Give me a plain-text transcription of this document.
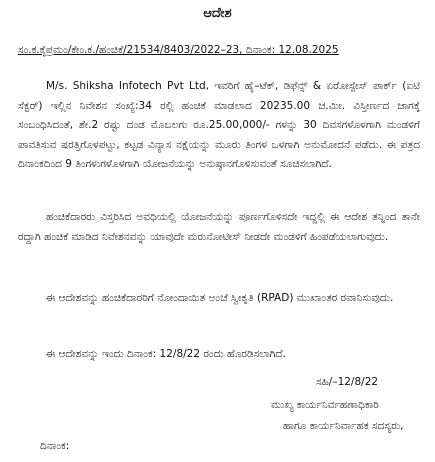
ಆದೇಶ
ಸಂ.ಕ.ಕೈಪ್ರಮಂ/ಕೇಂ.ಕ./ಹಂಚಿಕೆ/21534/8403/2022–23, ದಿನಾಂಕ: 12.08.2025
M/s. Shiksha Infotech Pvt Ltd, ಇವರಿಗೆ ಹೈ–ಟೆಕ್, ಡಿಫೆನ್ಸ್ & ಏರೋಸ್ಪೇಸ್ ಪಾರ್ಕ್ (ಐಟಿ ಸೆಕ್ಟರ್) ಇಲ್ಲಿನ ನಿವೇಶನ ಸಂಖ್ಯೆ:34 ರಲ್ಲಿ ಹಂಚಿಕೆ ಮಾಡಲಾದ 20235.00 ಚ.ಮೀ. ವಿಸ್ತೀರ್ಣದ ಜಾಗಕ್ಕೆ ಸಂಬಂಧಿಸಿದಂತೆ, ಶೇ.2 ರಷ್ಟು ದಂಡ ಮೊಬಲಗು ರೂ.25.00,000/- ಗಳನ್ನು 30 ದಿವಸಗಳೊಳಗಾಗಿ ಮಂಡಳಿಗೆ ಪಾವತಿಸುವ ಷರತ್ತಿಗೊಳಪಟ್ಟು, ಕಟ್ಟಡ ವಿನ್ಯಾಸ ನಕ್ಷೆಯನ್ನು ಮೂರು ತಿಂಗಳ ಒಳಗಾಗಿ ಅನುಮೋದನೆ ಪಡೆದು. ಈ ಪತ್ರದ ದಿನಾಂಕದಿಂದ 9 ತಿಂಗಳುಗಳೊಳಗಾಗಿ ಯೋಜನೆಯನ್ನು ಅನುಷ್ಠಾನಗೊಳಿಸುವಂತೆ ಸೂಚಿಸಲಾಗಿದೆ.
ಹಂಚಿಕೆದಾರರು ವಿಸ್ತರಿಸಿದ ಅವಧಿಯಲ್ಲಿ ಯೋಜನೆಯನ್ನು ಪೂರ್ಣಗೊಳಿಸದೇ ಇದ್ದಲ್ಲಿ ಈ ಆದೇಶ ತನ್ನಿಂದ ತಾನೇ ರದ್ದಾಗಿ ಹಂಚಿಕೆ ಮಾಡಿದ ನಿವೇಶನವನ್ನು ಯಾವುದೇ ಮರುನೋಟೀಸ್ ನೀಡದೇ ಮಂಡಳಿಗೆ ಹಿಂಪಡೆಯಲಾಗುವುದು.
ಈ ಆದೇಶವನ್ನು ಹಂಚಿಕೆದಾರರಿಗೆ ನೋಂದಾಯಿತ ಅಂಚೆ ಸ್ವೀಕೃತಿ (RPAD) ಮುಖಾಂತರ ರವಾನಿಸುವುದು.
ಈ ಆದೇಶವನ್ನು ಇಂದು ದಿನಾಂಕ: 12/8/22 ರಂದು ಹೊರಡಿಸಲಾಗಿದೆ.
ಸಹಿ/–12/8/22
ಮುಖ್ಯ ಕಾರ್ಯನಿರ್ವಹಣಾಧಿಕಾರಿ
ಹಾಗೂ ಕಾರ್ಯನಿರ್ವಾಹಕ ಸದಸ್ಯರು,
ದಿನಾಂಕ:
